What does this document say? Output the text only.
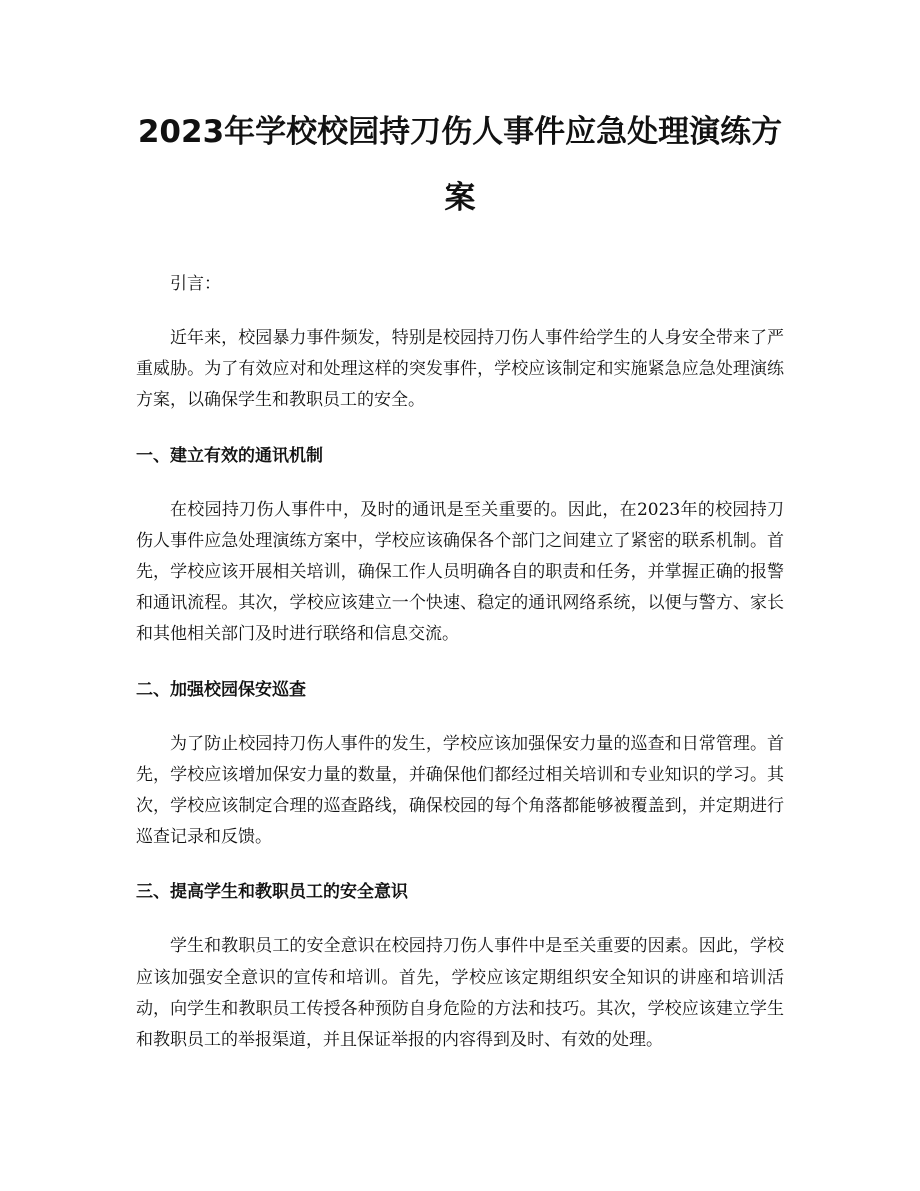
2023年学校校园持刀伤人事件应急处理演练方案

引言：

近年来，校园暴力事件频发，特别是校园持刀伤人事件给学生的人身安全带来了严重威胁。为了有效应对和处理这样的突发事件，学校应该制定和实施紧急应急处理演练方案，以确保学生和教职员工的安全。

一、建立有效的通讯机制

在校园持刀伤人事件中，及时的通讯是至关重要的。因此，在2023年的校园持刀伤人事件应急处理演练方案中，学校应该确保各个部门之间建立了紧密的联系机制。首先，学校应该开展相关培训，确保工作人员明确各自的职责和任务，并掌握正确的报警和通讯流程。其次，学校应该建立一个快速、稳定的通讯网络系统，以便与警方、家长和其他相关部门及时进行联络和信息交流。

二、加强校园保安巡查

为了防止校园持刀伤人事件的发生，学校应该加强保安力量的巡查和日常管理。首先，学校应该增加保安力量的数量，并确保他们都经过相关培训和专业知识的学习。其次，学校应该制定合理的巡查路线，确保校园的每个角落都能够被覆盖到，并定期进行巡查记录和反馈。

三、提高学生和教职员工的安全意识

学生和教职员工的安全意识在校园持刀伤人事件中是至关重要的因素。因此，学校应该加强安全意识的宣传和培训。首先，学校应该定期组织安全知识的讲座和培训活动，向学生和教职员工传授各种预防自身危险的方法和技巧。其次，学校应该建立学生和教职员工的举报渠道，并且保证举报的内容得到及时、有效的处理。
